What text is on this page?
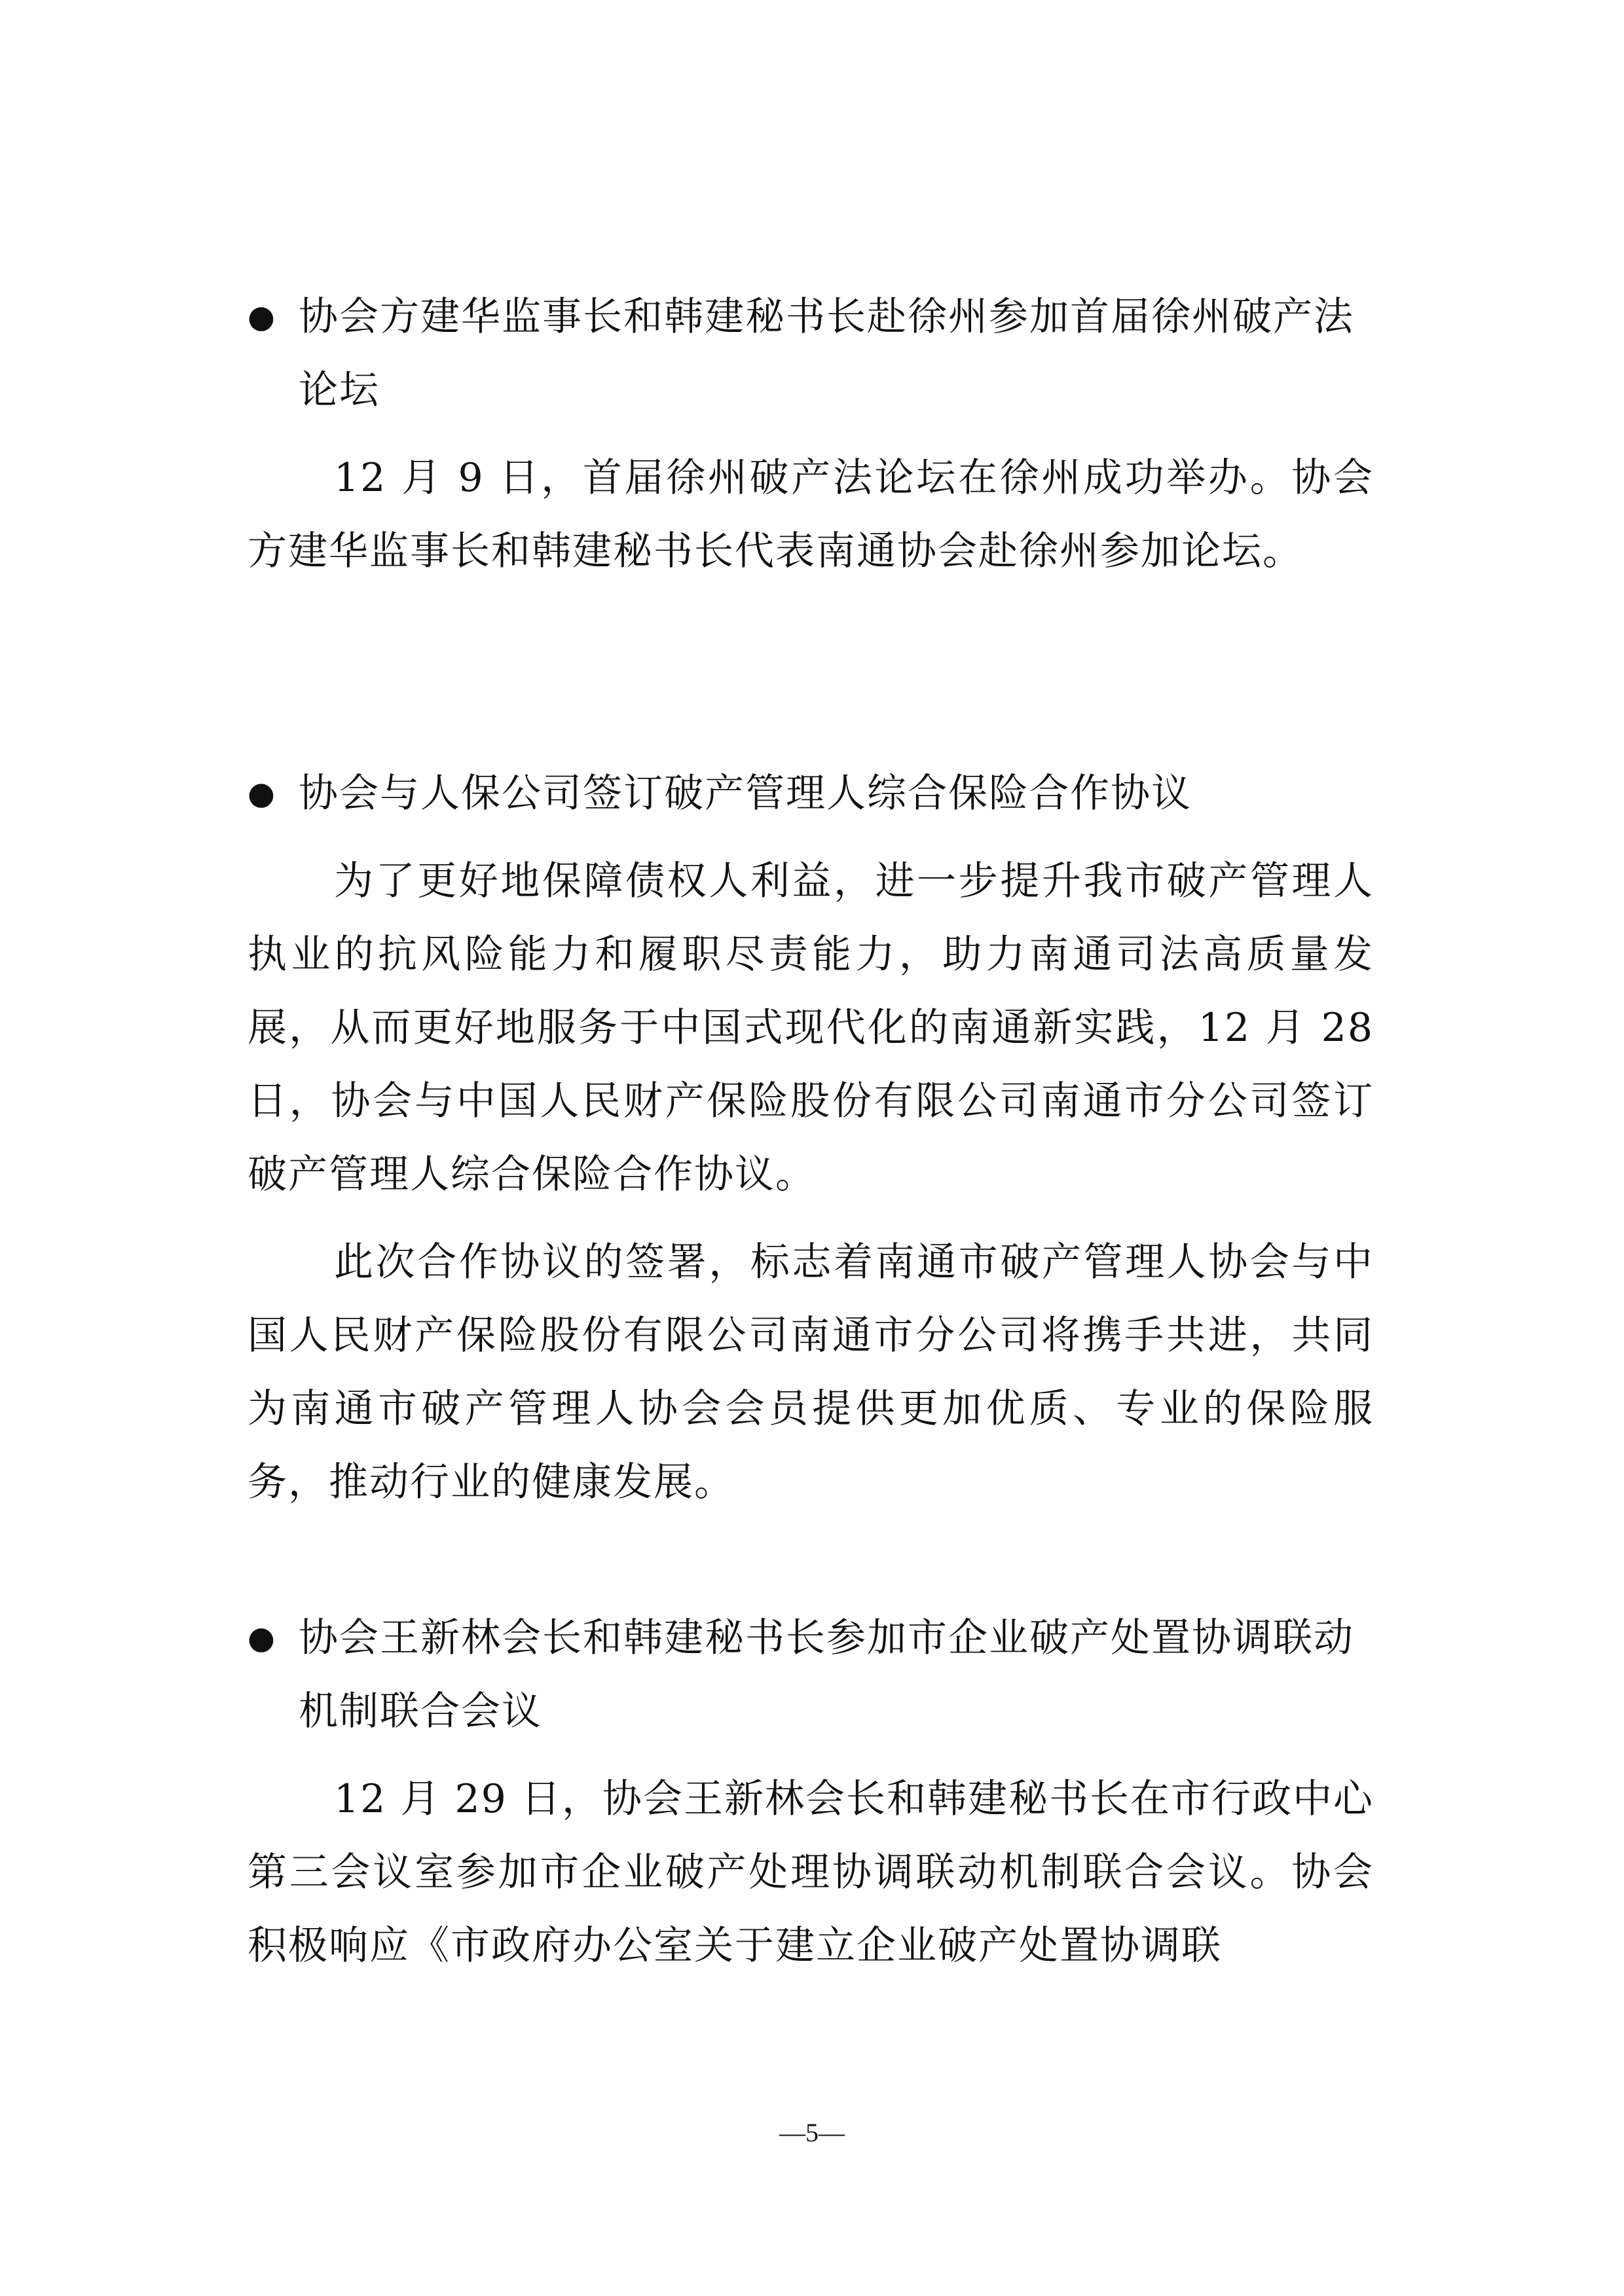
● 协会方建华监事长和韩建秘书长赴徐州参加首届徐州破产法论坛

12 月 9 日，首届徐州破产法论坛在徐州成功举办。协会方建华监事长和韩建秘书长代表南通协会赴徐州参加论坛。

● 协会与人保公司签订破产管理人综合保险合作协议

为了更好地保障债权人利益，进一步提升我市破产管理人执业的抗风险能力和履职尽责能力，助力南通司法高质量发展，从而更好地服务于中国式现代化的南通新实践，12 月 28 日，协会与中国人民财产保险股份有限公司南通市分公司签订破产管理人综合保险合作协议。

此次合作协议的签署，标志着南通市破产管理人协会与中国人民财产保险股份有限公司南通市分公司将携手共进，共同为南通市破产管理人协会会员提供更加优质、专业的保险服务，推动行业的健康发展。

● 协会王新林会长和韩建秘书长参加市企业破产处置协调联动机制联合会议

12 月 29 日，协会王新林会长和韩建秘书长在市行政中心第三会议室参加市企业破产处理协调联动机制联合会议。协会积极响应《市政府办公室关于建立企业破产处置协调联

—5—
